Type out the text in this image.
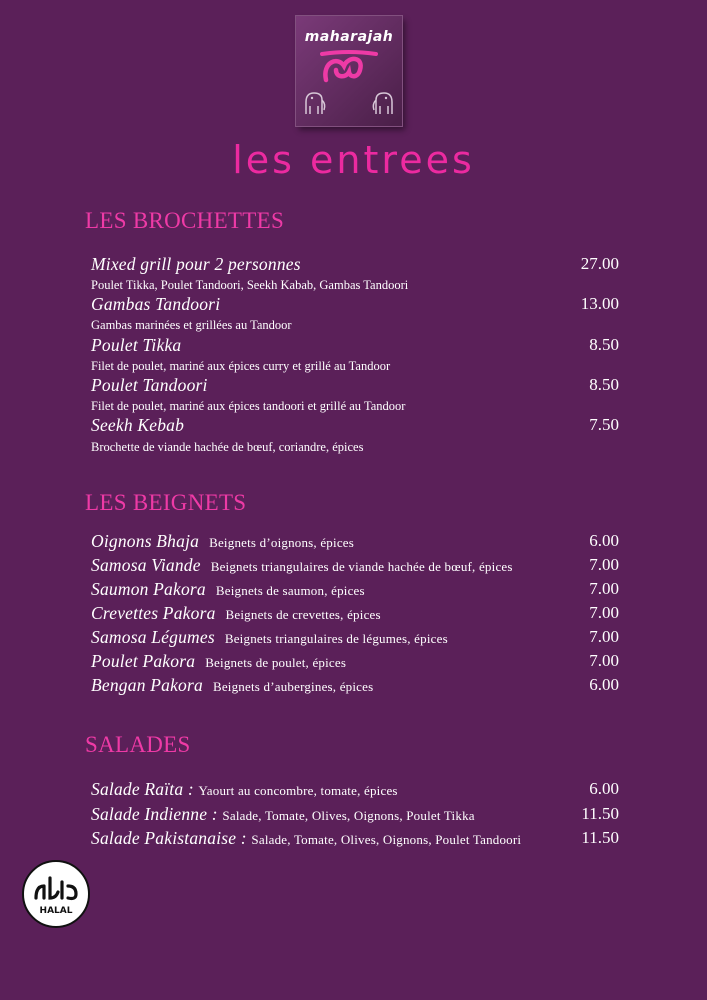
maharajah
les entrees
LES BROCHETTES
Mixed grill pour 2 personnes	27.00
Poulet Tikka, Poulet Tandoori, Seekh Kabab, Gambas Tandoori
Gambas Tandoori	13.00
Gambas marinées et grillées au Tandoor
Poulet Tikka	8.50
Filet de poulet, mariné aux épices curry et grillé au Tandoor
Poulet Tandoori	8.50
Filet de poulet, mariné aux épices tandoori et grillé au Tandoor
Seekh Kebab	7.50
Brochette de viande hachée de bœuf, coriandre, épices
LES BEIGNETS
Oignons Bhaja Beignets d’oignons, épices	6.00
Samosa Viande Beignets triangulaires de viande hachée de bœuf, épices	7.00
Saumon Pakora Beignets de saumon, épices	7.00
Crevettes Pakora Beignets de crevettes, épices	7.00
Samosa Légumes Beignets triangulaires de légumes, épices	7.00
Poulet Pakora Beignets de poulet, épices	7.00
Bengan Pakora Beignets d’aubergines, épices	6.00
SALADES
Salade Raïta : Yaourt au concombre, tomate, épices	6.00
Salade Indienne : Salade, Tomate, Olives, Oignons, Poulet Tikka	11.50
Salade Pakistanaise : Salade, Tomate, Olives, Oignons, Poulet Tandoori	11.50
HALAL
